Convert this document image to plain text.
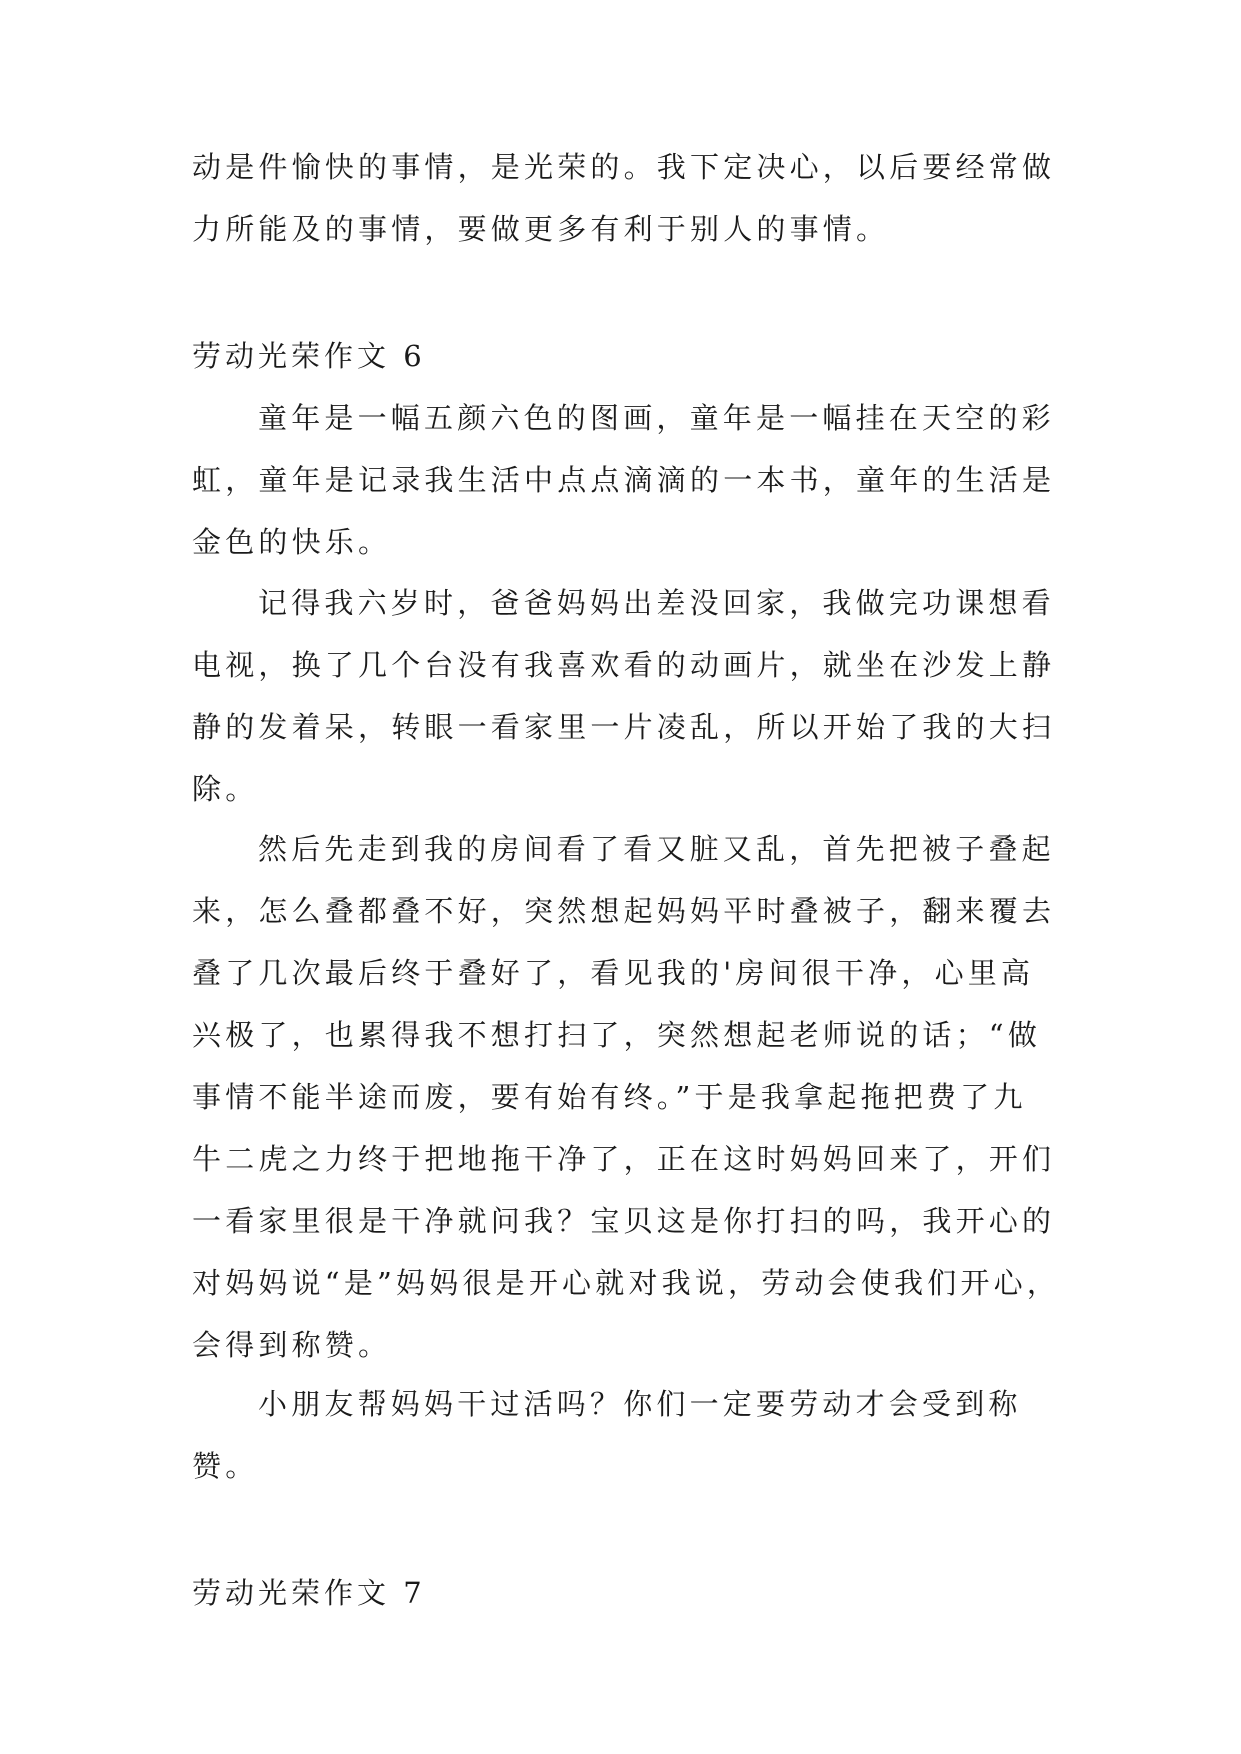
动是件愉快的事情，是光荣的。我下定决心，以后要经常做
力所能及的事情，要做更多有利于别人的事情。
劳动光荣作文 6
童年是一幅五颜六色的图画，童年是一幅挂在天空的彩
虹，童年是记录我生活中点点滴滴的一本书，童年的生活是
金色的快乐。
记得我六岁时，爸爸妈妈出差没回家，我做完功课想看
电视，换了几个台没有我喜欢看的动画片，就坐在沙发上静
静的发着呆，转眼一看家里一片凌乱，所以开始了我的大扫
除。
然后先走到我的房间看了看又脏又乱，首先把被子叠起
来，怎么叠都叠不好，突然想起妈妈平时叠被子，翻来覆去
叠了几次最后终于叠好了，看见我的'房间很干净，心里高
兴极了，也累得我不想打扫了，突然想起老师说的话；“做
事情不能半途而废，要有始有终。”于是我拿起拖把费了九
牛二虎之力终于把地拖干净了，正在这时妈妈回来了，开们
一看家里很是干净就问我？宝贝这是你打扫的吗，我开心的
对妈妈说“是”妈妈很是开心就对我说，劳动会使我们开心，
会得到称赞。
小朋友帮妈妈干过活吗？你们一定要劳动才会受到称
赞。
劳动光荣作文 7
